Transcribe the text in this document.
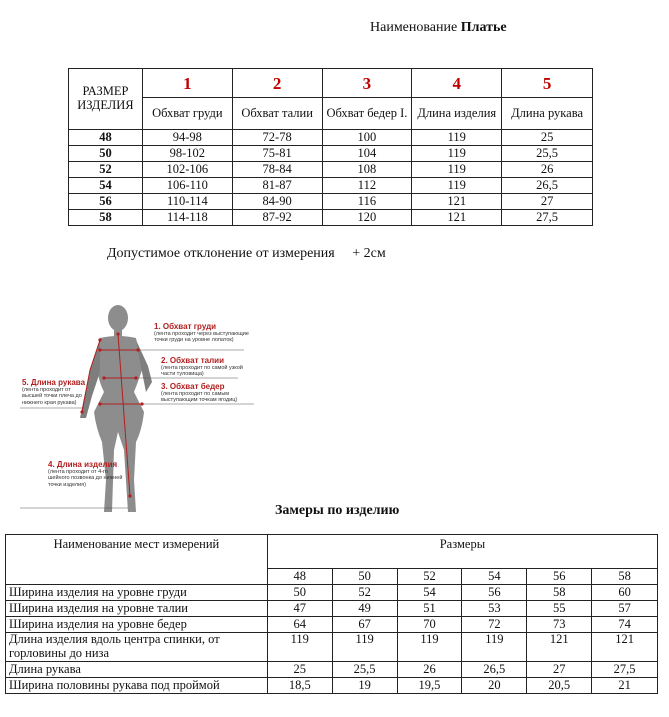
Наименование Платье
РАЗМЕР ИЗДЕЛИЯ	1	2	3	4	5
	Обхват груди	Обхват талии	Обхват бедер I.	Длина изделия	Длина рукава
48	94-98	72-78	100	119	25
50	98-102	75-81	104	119	25,5
52	102-106	78-84	108	119	26
54	106-110	81-87	112	119	26,5
56	110-114	84-90	116	121	27
58	114-118	87-92	120	121	27,5
Допустимое отклонение от измерения + 2см
1. Обхват груди
(лента проходит через выступающие точки груди на уровне лопаток)
2. Обхват талии
(лента проходит по самой узкой части туловища)
3. Обхват бедер
(лента проходит по самым выступающим точкам ягодиц)
5. Длина рукава
(лента проходит от высшей точки плеча до нижнего края рукава)
4. Длина изделия
(лента проходит от 4-го шейного позвонка до нижней точки изделия)
Замеры по изделию
Наименование мест измерений	Размеры					
	48	50	52	54	56	58
Ширина изделия на уровне груди	50	52	54	56	58	60
Ширина изделия на уровне талии	47	49	51	53	55	57
Ширина изделия на уровне бедер	64	67	70	72	73	74
Длина изделия вдоль центра спинки, от горловины до низа	119	119	119	119	121	121
Длина рукава	25	25,5	26	26,5	27	27,5
Ширина половины рукава под проймой	18,5	19	19,5	20	20,5	21
